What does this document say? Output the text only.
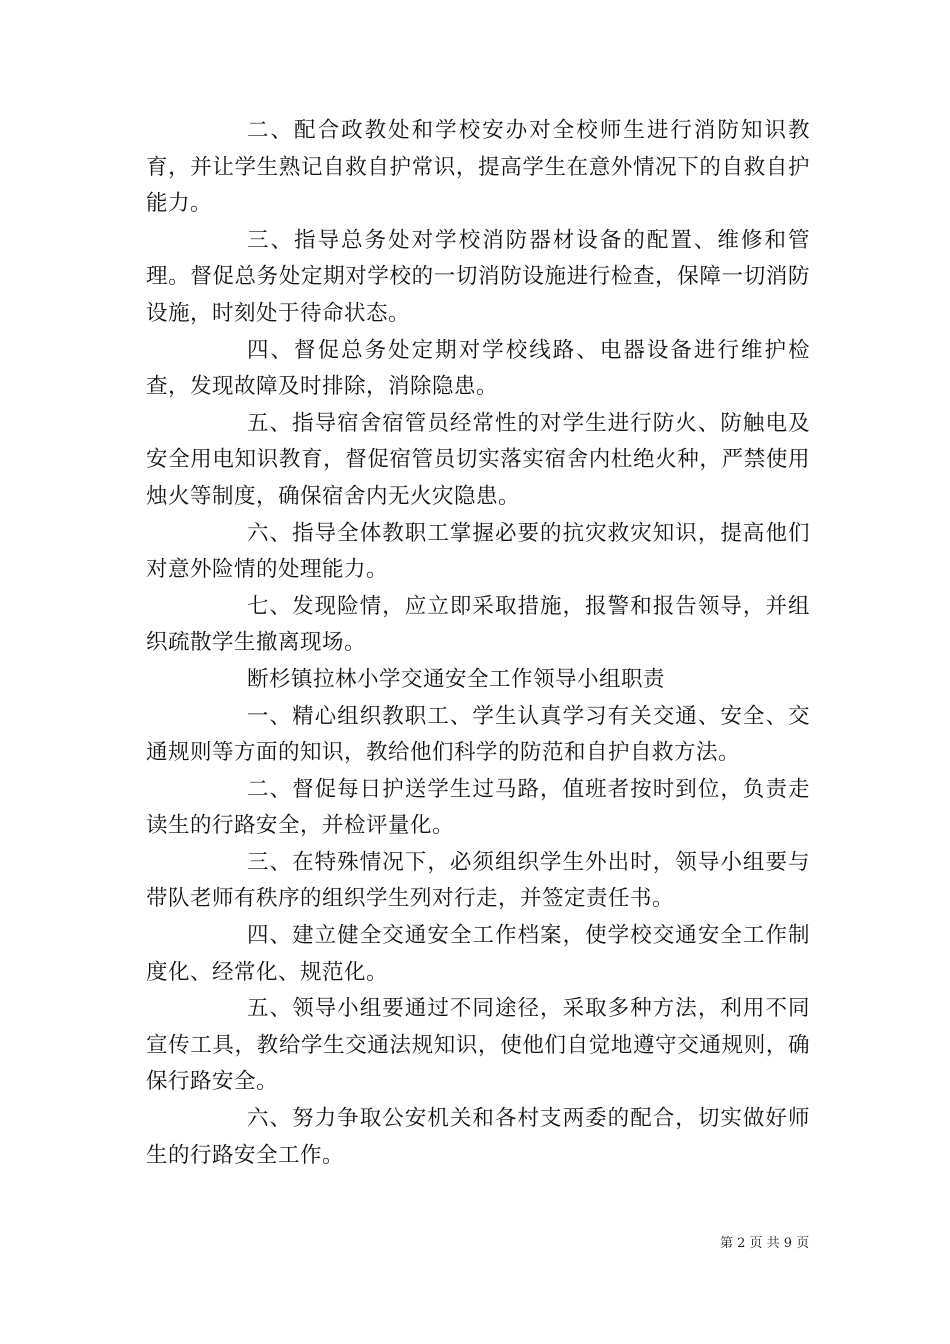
二、配合政教处和学校安办对全校师生进行消防知识教育，并让学生熟记自救自护常识，提高学生在意外情况下的自救自护能力。

三、指导总务处对学校消防器材设备的配置、维修和管理。督促总务处定期对学校的一切消防设施进行检查，保障一切消防设施，时刻处于待命状态。

四、督促总务处定期对学校线路、电器设备进行维护检查，发现故障及时排除，消除隐患。

五、指导宿舍宿管员经常性的对学生进行防火、防触电及安全用电知识教育，督促宿管员切实落实宿舍内杜绝火种，严禁使用烛火等制度，确保宿舍内无火灾隐患。

六、指导全体教职工掌握必要的抗灾救灾知识，提高他们对意外险情的处理能力。

七、发现险情，应立即采取措施，报警和报告领导，并组织疏散学生撤离现场。

断杉镇拉林小学交通安全工作领导小组职责

一、精心组织教职工、学生认真学习有关交通、安全、交通规则等方面的知识，教给他们科学的防范和自护自救方法。

二、督促每日护送学生过马路，值班者按时到位，负责走读生的行路安全，并检评量化。

三、在特殊情况下，必须组织学生外出时，领导小组要与带队老师有秩序的组织学生列对行走，并签定责任书。

四、建立健全交通安全工作档案，使学校交通安全工作制度化、经常化、规范化。

五、领导小组要通过不同途径，采取多种方法，利用不同宣传工具，教给学生交通法规知识，使他们自觉地遵守交通规则，确保行路安全。

六、努力争取公安机关和各村支两委的配合，切实做好师生的行路安全工作。

第 2 页 共 9 页
